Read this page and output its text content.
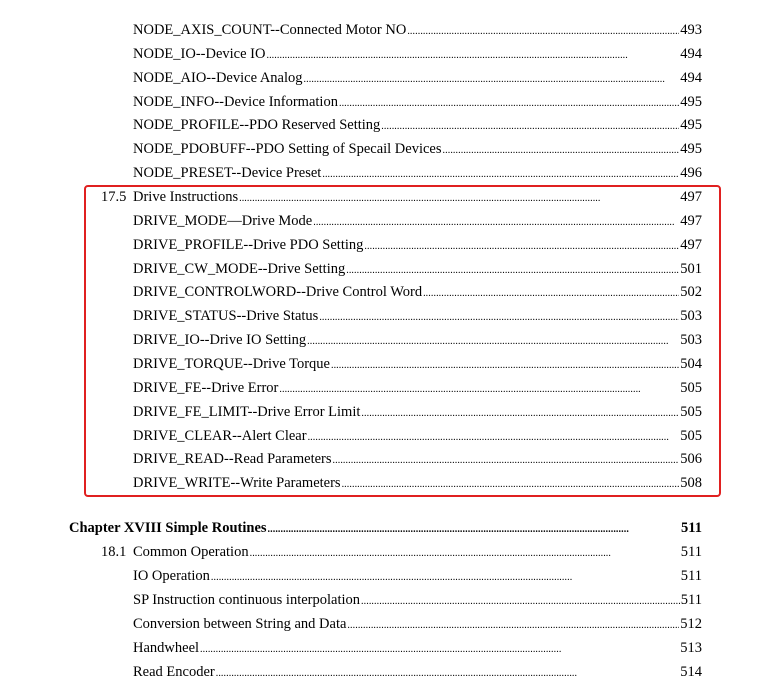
NODE_AXIS_COUNT--Connected Motor NO . . .	493
NODE_IO--Device IO . . .	494
NODE_AIO--Device Analog . . .	494
NODE_INFO--Device Information . . .	495
NODE_PROFILE--PDO Reserved Setting . . .	495
NODE_PDOBUFF--PDO Setting of Specail Devices . . .	495
NODE_PRESET--Device Preset . . .	496
17.5 Drive Instructions . . .	497
DRIVE_MODE—Drive Mode . . .	497
DRIVE_PROFILE--Drive PDO Setting . . .	497
DRIVE_CW_MODE--Drive Setting . . .	501
DRIVE_CONTROLWORD--Drive Control Word . . .	502
DRIVE_STATUS--Drive Status . . .	503
DRIVE_IO--Drive IO Setting . . .	503
DRIVE_TORQUE--Drive Torque . . .	504
DRIVE_FE--Drive Error . . .	505
DRIVE_FE_LIMIT--Drive Error Limit . . .	505
DRIVE_CLEAR--Alert Clear . . .	505
DRIVE_READ--Read Parameters . . .	506
DRIVE_WRITE--Write Parameters . . .	508
Chapter XVIII Simple Routines . . .	511
18.1 Common Operation . . .	511
IO Operation . . .	511
SP Instruction continuous interpolation . . .	511
Conversion between String and Data . . .	512
Handwheel . . .	513
Read Encoder . . .	514
